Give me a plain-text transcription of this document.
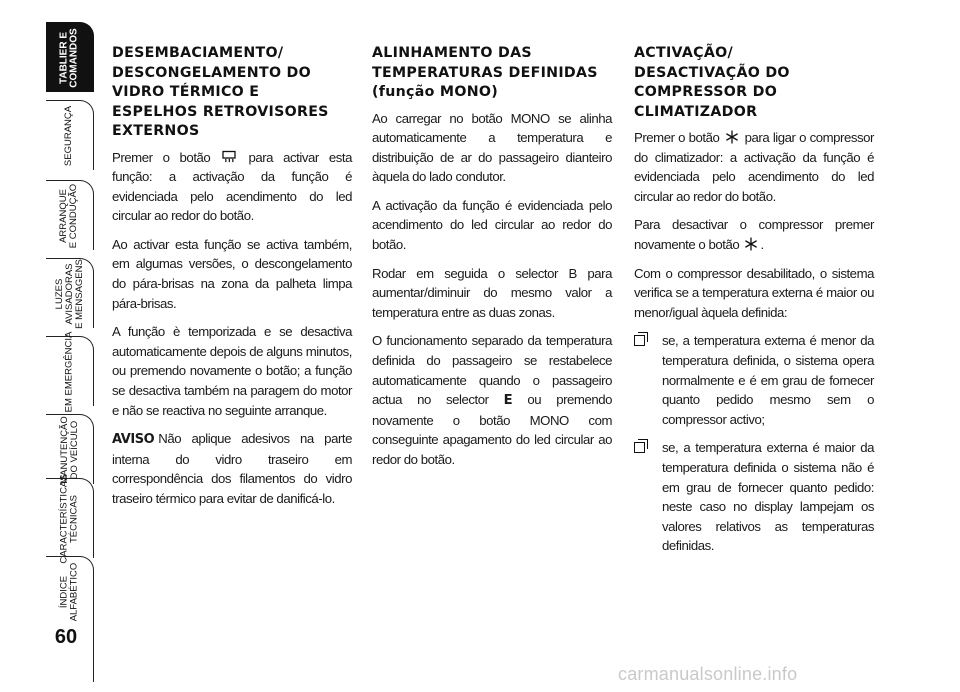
TABLIER E
COMANDOS
SEGURANÇA
ARRANQUE
E CONDUÇÃO
LUZES
AVISADORAS
E MENSAGENS
EM EMERGÊNCIA
MANUTENÇÃO
DO VEÍCULO
CARACTERÍSTICAS
TÉCNICAS
ÍNDICE
ALFABÉTICO
60
DESEMBACIAMENTO/
DESCONGELAMENTO DO
VIDRO TÉRMICO E
ESPELHOS RETROVISORES
EXTERNOS

Premer o botão	para activar esta função: a activação da função é evidenciada pelo acendimento do led circular ao redor do botão.

Ao activar esta função se activa também, em algumas versões, o descongelamento do pára-brisas na zona da palheta limpa pára-brisas.

A função è temporizada e se desactiva automaticamente depois de alguns minutos, ou premendo novamente o botão; a função se desactiva também na paragem do motor e não se reactiva no seguinte arranque.

AVISO Não aplique adesivos na parte interna do vidro traseiro em correspondência dos filamentos do vidro traseiro térmico para evitar de danificá-lo.

ALINHAMENTO DAS
TEMPERATURAS DEFINIDAS
(função MONO)

Ao carregar no botão MONO se alinha automaticamente a temperatura e distribuição de ar do passageiro dianteiro àquela do lado condutor.

A activação da função é evidenciada pelo acendimento do led circular ao redor do botão.

Rodar em seguida o selector B para aumentar/diminuir do mesmo valor a temperatura entre as duas zonas.

O funcionamento separado da temperatura definida do passageiro se restabelece automaticamente quando o passageiro actua no selector E ou premendo novamente o botão MONO com conseguinte apagamento do led circular ao redor do botão.

ACTIVAÇÃO/
DESACTIVAÇÃO DO
COMPRESSOR DO
CLIMATIZADOR

Premer o botão para ligar o compressor do climatizador: a activação da função é evidenciada pelo acendimento do led circular ao redor do botão.

Para desactivar o compressor premer novamente o botão .

Com o compressor desabilitado, o sistema verifica se a temperatura externa é maior ou menor/igual àquela definida:

se, a temperatura externa é menor da temperatura definida, o sistema opera normalmente e é em grau de fornecer quanto pedido mesmo sem o compressor activo;
se, a temperatura externa é maior da temperatura definida o sistema não é em grau de fornecer quanto pedido: neste caso no display lampejam os valores relativos as temperaturas definidas.
carmanualsonline.info
